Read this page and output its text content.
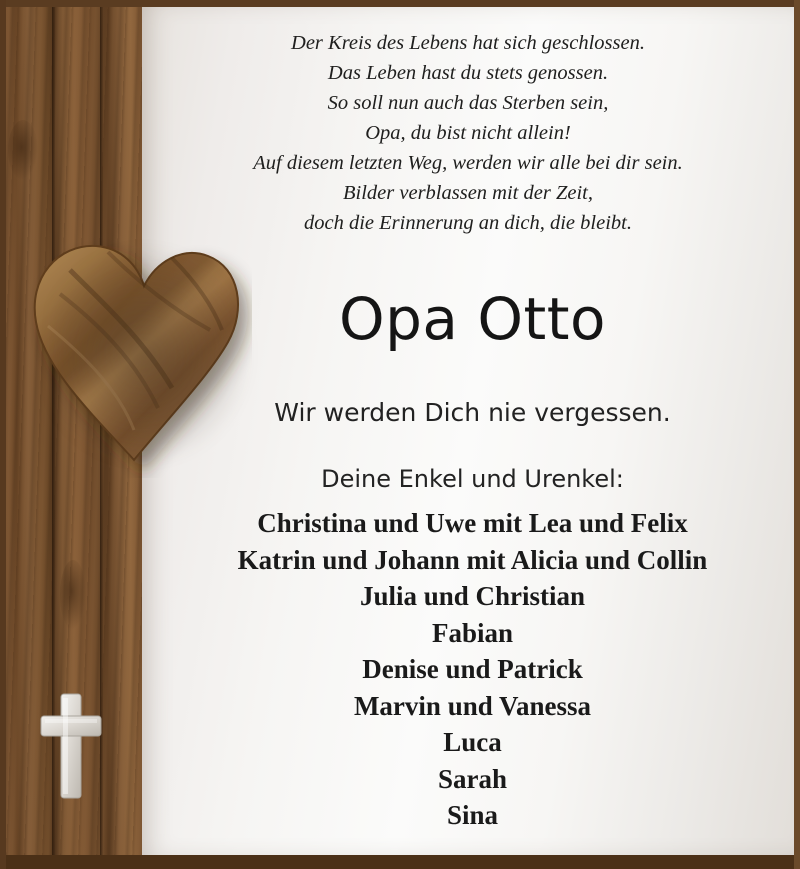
Der Kreis des Lebens hat sich geschlossen.
Das Leben hast du stets genossen.
So soll nun auch das Sterben sein,
Opa, du bist nicht allein!
Auf diesem letzten Weg, werden wir alle bei dir sein.
Bilder verblassen mit der Zeit,
doch die Erinnerung an dich, die bleibt.
Opa Otto
Wir werden Dich nie vergessen.
Deine Enkel und Urenkel:
Christina und Uwe mit Lea und Felix
Katrin und Johann mit Alicia und Collin
Julia und Christian
Fabian
Denise und Patrick
Marvin und Vanessa
Luca
Sarah
Sina
